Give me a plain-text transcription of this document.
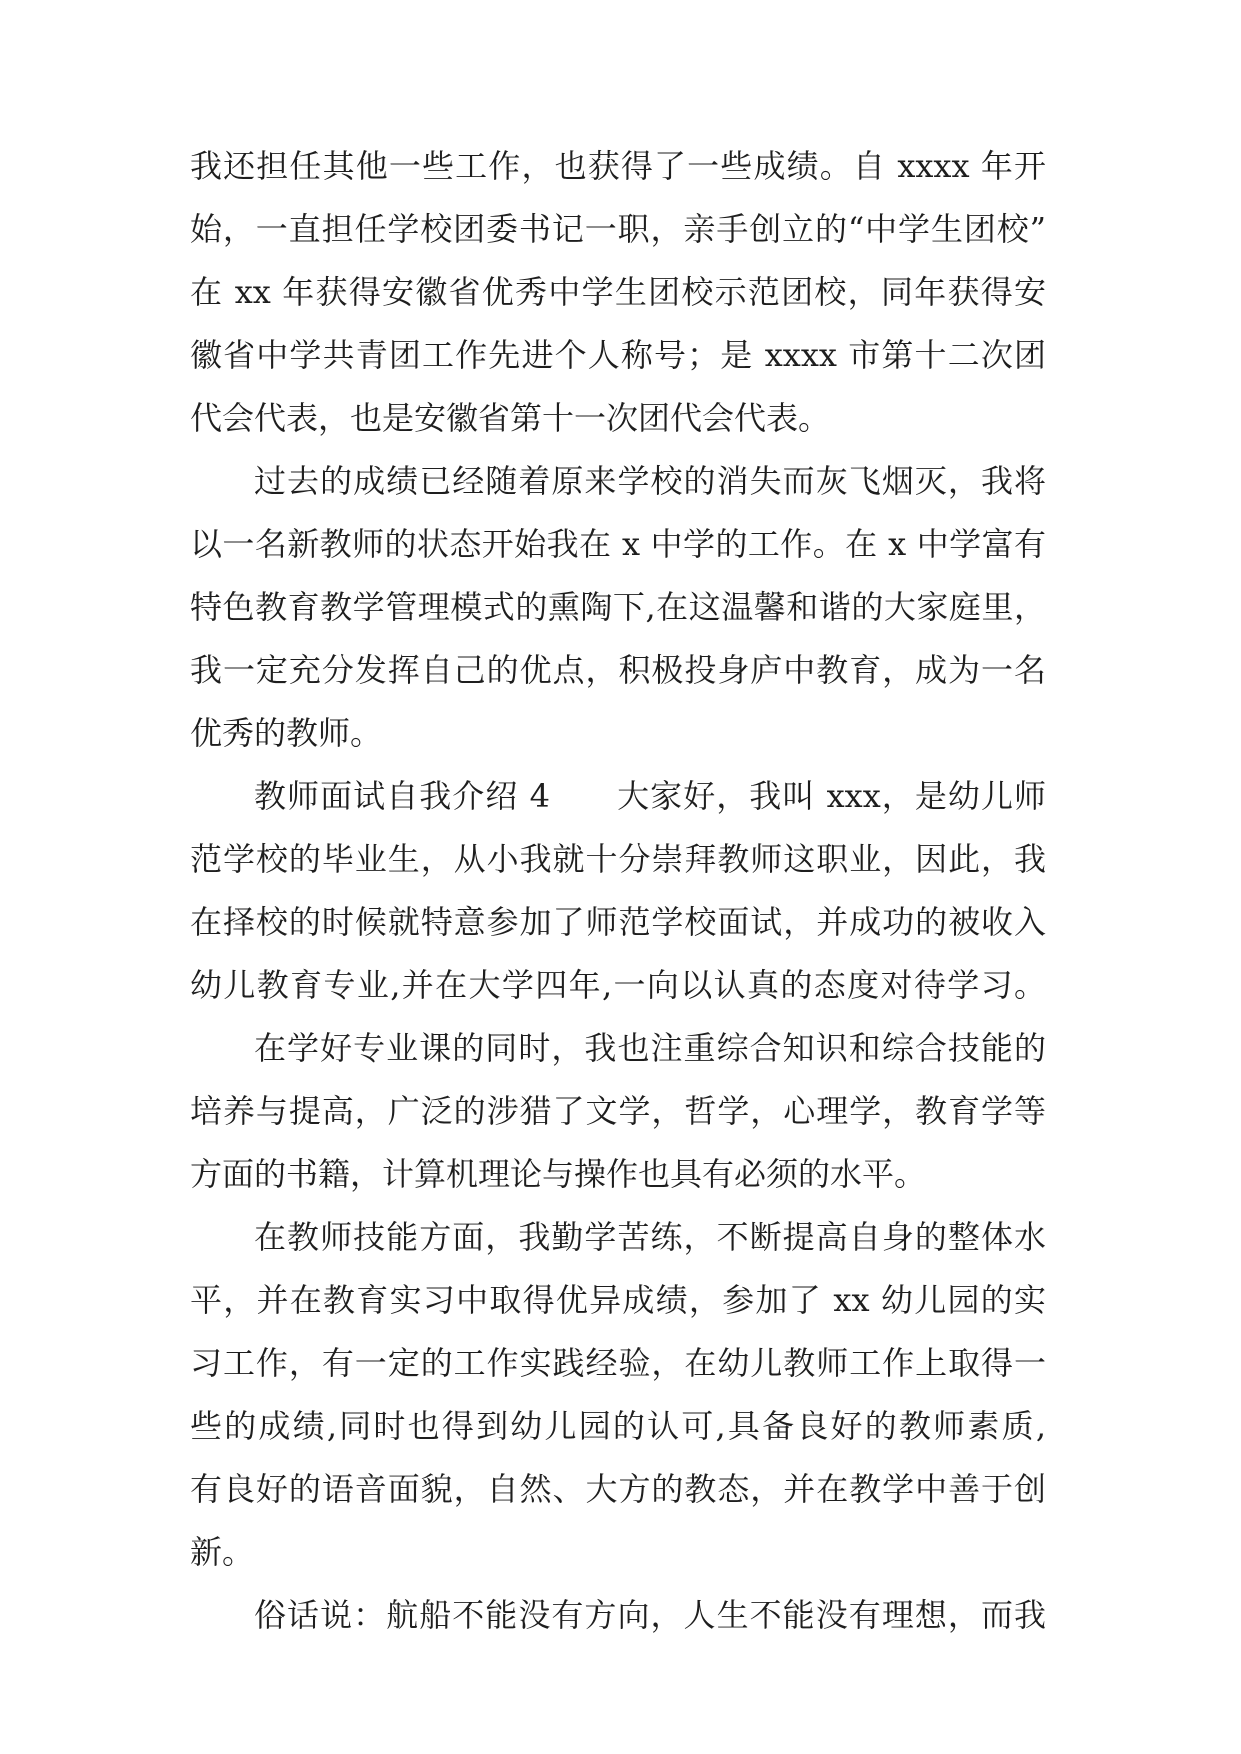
我还担任其他一些工作，也获得了一些成绩。自 xxxx 年开
始，一直担任学校团委书记一职，亲手创立的“中学生团校”
在 xx 年获得安徽省优秀中学生团校示范团校，同年获得安
徽省中学共青团工作先进个人称号；是 xxxx 市第十二次团
代会代表，也是安徽省第十一次团代会代表。
过去的成绩已经随着原来学校的消失而灰飞烟灭，我将
以一名新教师的状态开始我在 x 中学的工作。在 x 中学富有
特色教育教学管理模式的熏陶下,在这温馨和谐的大家庭里，
我一定充分发挥自己的优点，积极投身庐中教育，成为一名
优秀的教师。
教师面试自我介绍 4　　大家好，我叫 xxx，是幼儿师
范学校的毕业生，从小我就十分崇拜教师这职业，因此，我
在择校的时候就特意参加了师范学校面试，并成功的被收入
幼儿教育专业,并在大学四年,一向以认真的态度对待学习。
在学好专业课的同时，我也注重综合知识和综合技能的
培养与提高，广泛的涉猎了文学，哲学，心理学，教育学等
方面的书籍，计算机理论与操作也具有必须的水平。
在教师技能方面，我勤学苦练，不断提高自身的整体水
平，并在教育实习中取得优异成绩，参加了 xx 幼儿园的实
习工作，有一定的工作实践经验，在幼儿教师工作上取得一
些的成绩,同时也得到幼儿园的认可,具备良好的教师素质,
有良好的语音面貌，自然、大方的教态，并在教学中善于创
新。
俗话说：航船不能没有方向，人生不能没有理想，而我
